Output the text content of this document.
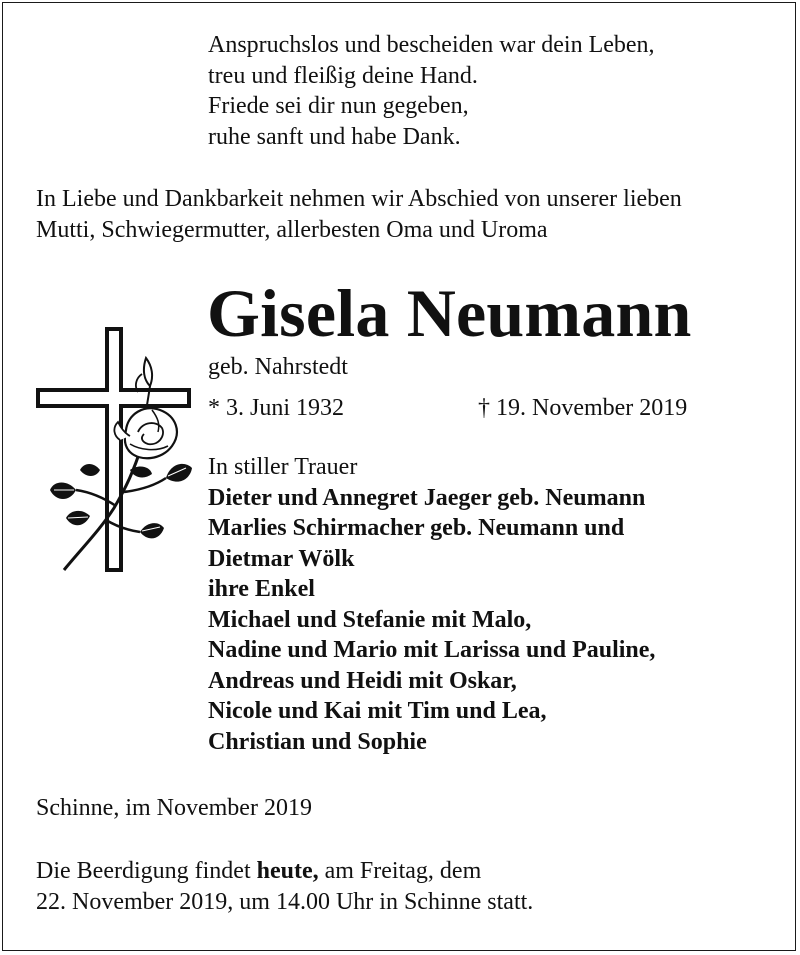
Anspruchslos und bescheiden war dein Leben,
treu und fleißig deine Hand.
Friede sei dir nun gegeben,
ruhe sanft und habe Dank.
In Liebe und Dankbarkeit nehmen wir Abschied von unserer lieben
Mutti, Schwiegermutter, allerbesten Oma und Uroma
Gisela Neumann
geb. Nahrstedt
* 3. Juni 1932	† 19. November 2019
In stiller Trauer
Dieter und Annegret Jaeger geb. Neumann
Marlies Schirmacher geb. Neumann und
Dietmar Wölk
ihre Enkel
Michael und Stefanie mit Malo,
Nadine und Mario mit Larissa und Pauline,
Andreas und Heidi mit Oskar,
Nicole und Kai mit Tim und Lea,
Christian und Sophie
Schinne, im November 2019
Die Beerdigung findet heute, am Freitag, dem
22. November 2019, um 14.00 Uhr in Schinne statt.
